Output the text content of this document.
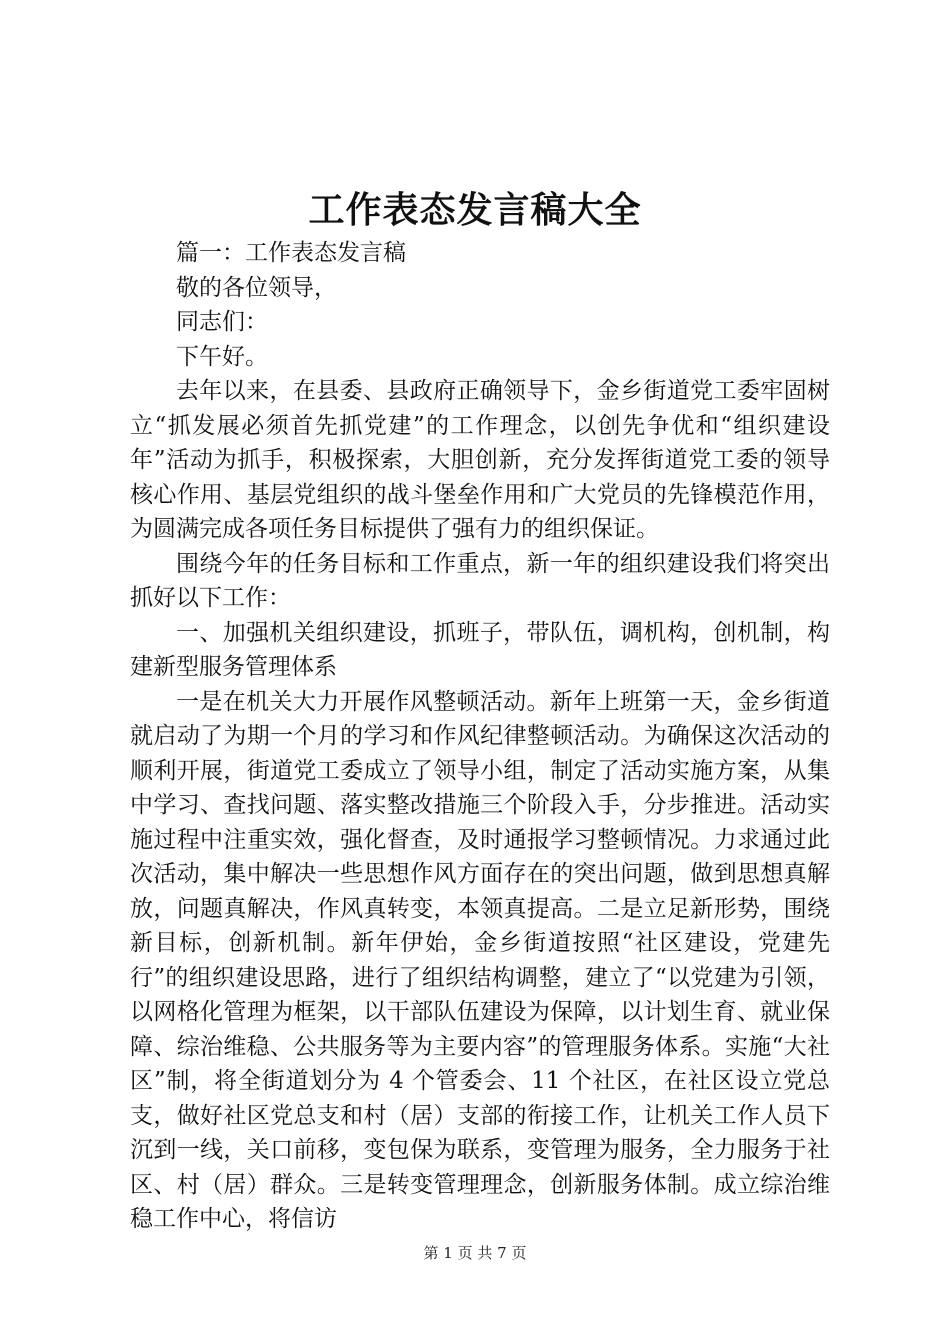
工作表态发言稿大全

篇一：工作表态发言稿

敬的各位领导，

同志们：

下午好。

去年以来，在县委、县政府正确领导下，金乡街道党工委牢固树立“抓发展必须首先抓党建”的工作理念，以创先争优和“组织建设年”活动为抓手，积极探索，大胆创新，充分发挥街道党工委的领导核心作用、基层党组织的战斗堡垒作用和广大党员的先锋模范作用，为圆满完成各项任务目标提供了强有力的组织保证。

围绕今年的任务目标和工作重点，新一年的组织建设我们将突出抓好以下工作：

一、加强机关组织建设，抓班子，带队伍，调机构，创机制，构建新型服务管理体系

一是在机关大力开展作风整顿活动。新年上班第一天，金乡街道就启动了为期一个月的学习和作风纪律整顿活动。为确保这次活动的顺利开展，街道党工委成立了领导小组，制定了活动实施方案，从集中学习、查找问题、落实整改措施三个阶段入手，分步推进。活动实施过程中注重实效，强化督查，及时通报学习整顿情况。力求通过此次活动，集中解决一些思想作风方面存在的突出问题，做到思想真解放，问题真解决，作风真转变，本领真提高。二是立足新形势，围绕新目标，创新机制。新年伊始，金乡街道按照“社区建设，党建先行”的组织建设思路，进行了组织结构调整，建立了“以党建为引领，以网格化管理为框架，以干部队伍建设为保障，以计划生育、就业保障、综治维稳、公共服务等为主要内容”的管理服务体系。实施“大社区”制，将全街道划分为 4 个管委会、11 个社区，在社区设立党总支，做好社区党总支和村（居）支部的衔接工作，让机关工作人员下沉到一线，关口前移，变包保为联系，变管理为服务，全力服务于社区、村（居）群众。三是转变管理理念，创新服务体制。成立综治维稳工作中心，将信访

第 1 页 共 7 页
